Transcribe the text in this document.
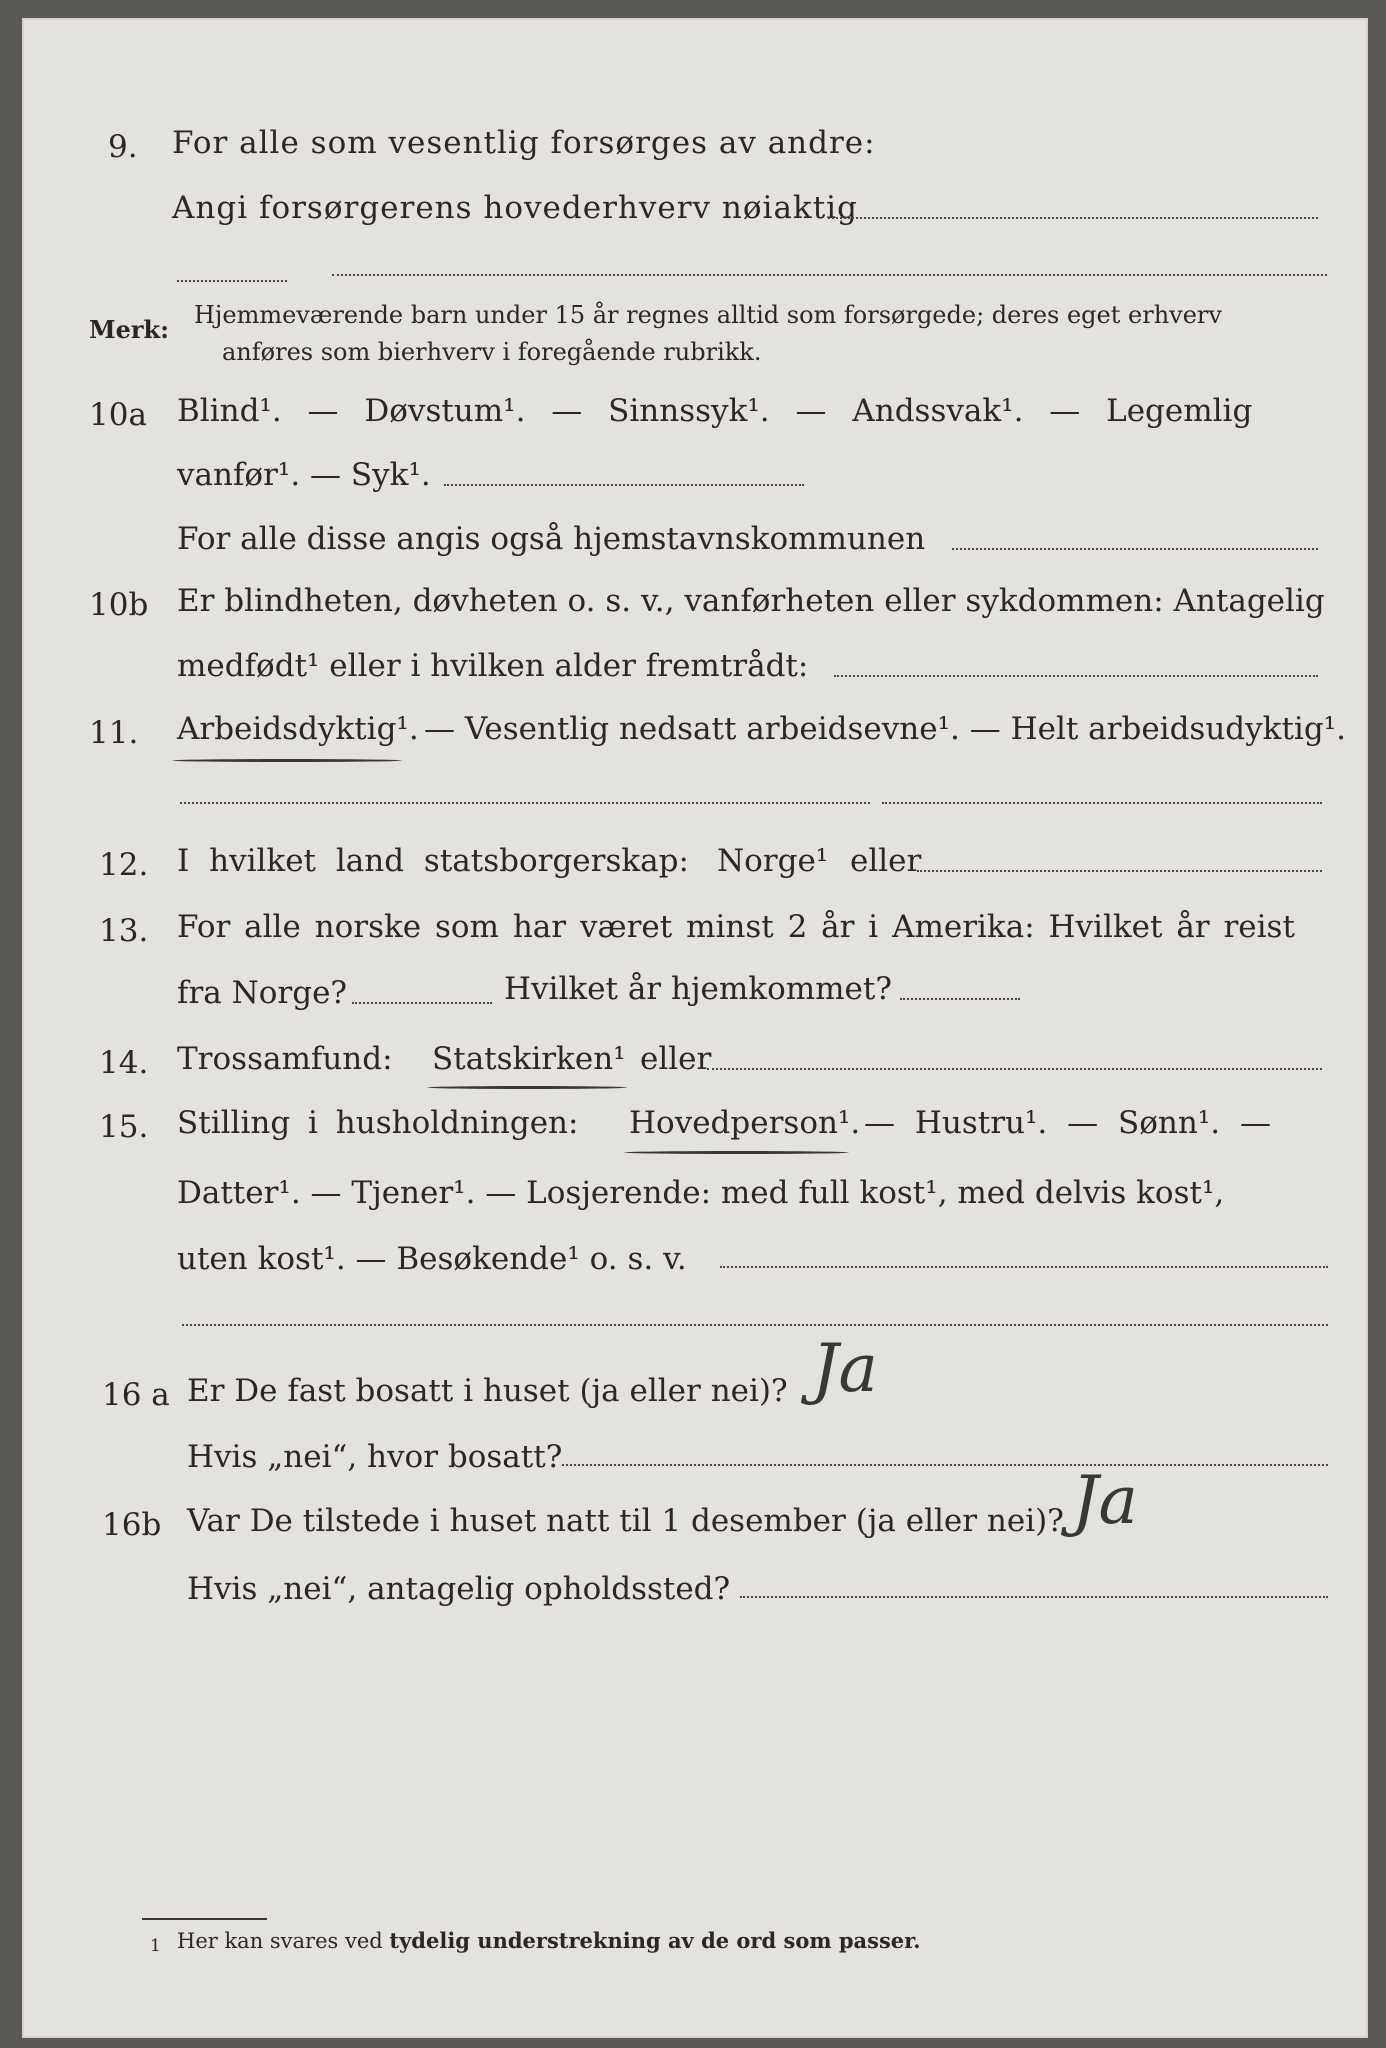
9. For alle som vesentlig forsørges av andre:
Angi forsørgerens hovederhverv nøiaktig
Merk: Hjemmeværende barn under 15 år regnes alltid som forsørgede; deres eget erhverv
anføres som bierhverv i foregående rubrikk.
10a Blind¹. — Døvstum¹. — Sinnssyk¹. — Andssvak¹. — Legemlig
vanfør¹. — Syk¹.
For alle disse angis også hjemstavnskommunen
10b Er blindheten, døvheten o. s. v., vanførheten eller sykdommen: Antagelig
medfødt¹ eller i hvilken alder fremtrådt:
11. Arbeidsdyktig¹. — Vesentlig nedsatt arbeidsevne¹. — Helt arbeidsudyktig¹.
12. I hvilket land statsborgerskap: Norge¹ eller
13. For alle norske som har været minst 2 år i Amerika: Hvilket år reist
fra Norge?	Hvilket år hjemkommet?
14. Trossamfund: Statskirken¹ eller
15. Stilling i husholdningen: Hovedperson¹. — Hustru¹. — Sønn¹. —
Datter¹. — Tjener¹. — Losjerende: med full kost¹, med delvis kost¹,
uten kost¹. — Besøkende¹ o. s. v.
16 a Er De fast bosatt i huset (ja eller nei)? Ja
Hvis „nei“, hvor bosatt?
16b Var De tilstede i huset natt til 1 desember (ja eller nei)? Ja
Hvis „nei“, antagelig opholdssted?
1 Her kan svares ved tydelig understrekning av de ord som passer.
